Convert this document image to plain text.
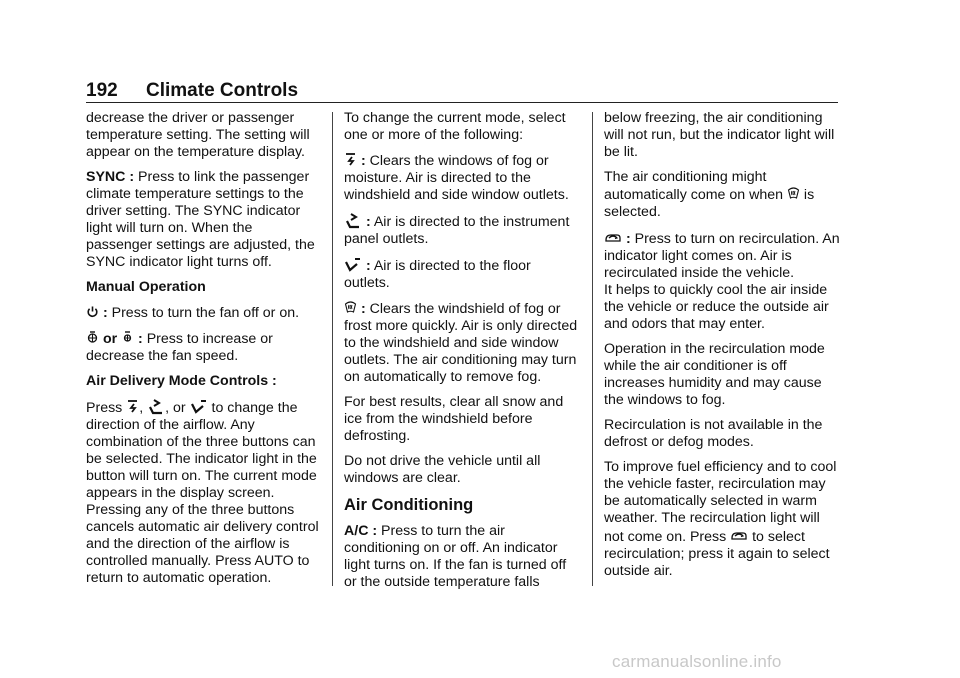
192 Climate Controls

decrease the driver or passenger temperature setting. The setting will appear on the temperature display.

SYNC : Press to link the passenger climate temperature settings to the driver setting. The SYNC indicator light will turn on. When the passenger settings are adjusted, the SYNC indicator light turns off.

Manual Operation

: Press to turn the fan off or on.

or
: Press to increase or decrease the fan speed.

Air Delivery Mode Controls :

Press
,
, or
to change the direction of the airflow. Any combination of the three buttons can be selected. The indicator light in the button will turn on. The current mode appears in the display screen. Pressing any of the three buttons cancels automatic air delivery control and the direction of the airflow is controlled manually. Press AUTO to return to automatic operation.

To change the current mode, select one or more of the following:

: Clears the windows of fog or moisture. Air is directed to the windshield and side window outlets.

: Air is directed to the instrument panel outlets.

: Air is directed to the floor outlets.

: Clears the windshield of fog or frost more quickly. Air is only directed to the windshield and side window outlets. The air conditioning may turn on automatically to remove fog.

For best results, clear all snow and ice from the windshield before defrosting.

Do not drive the vehicle until all windows are clear.

Air Conditioning

A/C : Press to turn the air conditioning on or off. An indicator light turns on. If the fan is turned off or the outside temperature falls

below freezing, the air conditioning will not run, but the indicator light will be lit.

The air conditioning might automatically come on when
is selected.

: Press to turn on recirculation. An indicator light comes on. Air is recirculated inside the vehicle.

It helps to quickly cool the air inside the vehicle or reduce the outside air and odors that may enter.

Operation in the recirculation mode while the air conditioner is off increases humidity and may cause the windows to fog.

Recirculation is not available in the defrost or defog modes.

To improve fuel efficiency and to cool the vehicle faster, recirculation may be automatically selected in warm weather. The recirculation light will not come on. Press
to select recirculation; press it again to select outside air.

carmanualsonline.info
